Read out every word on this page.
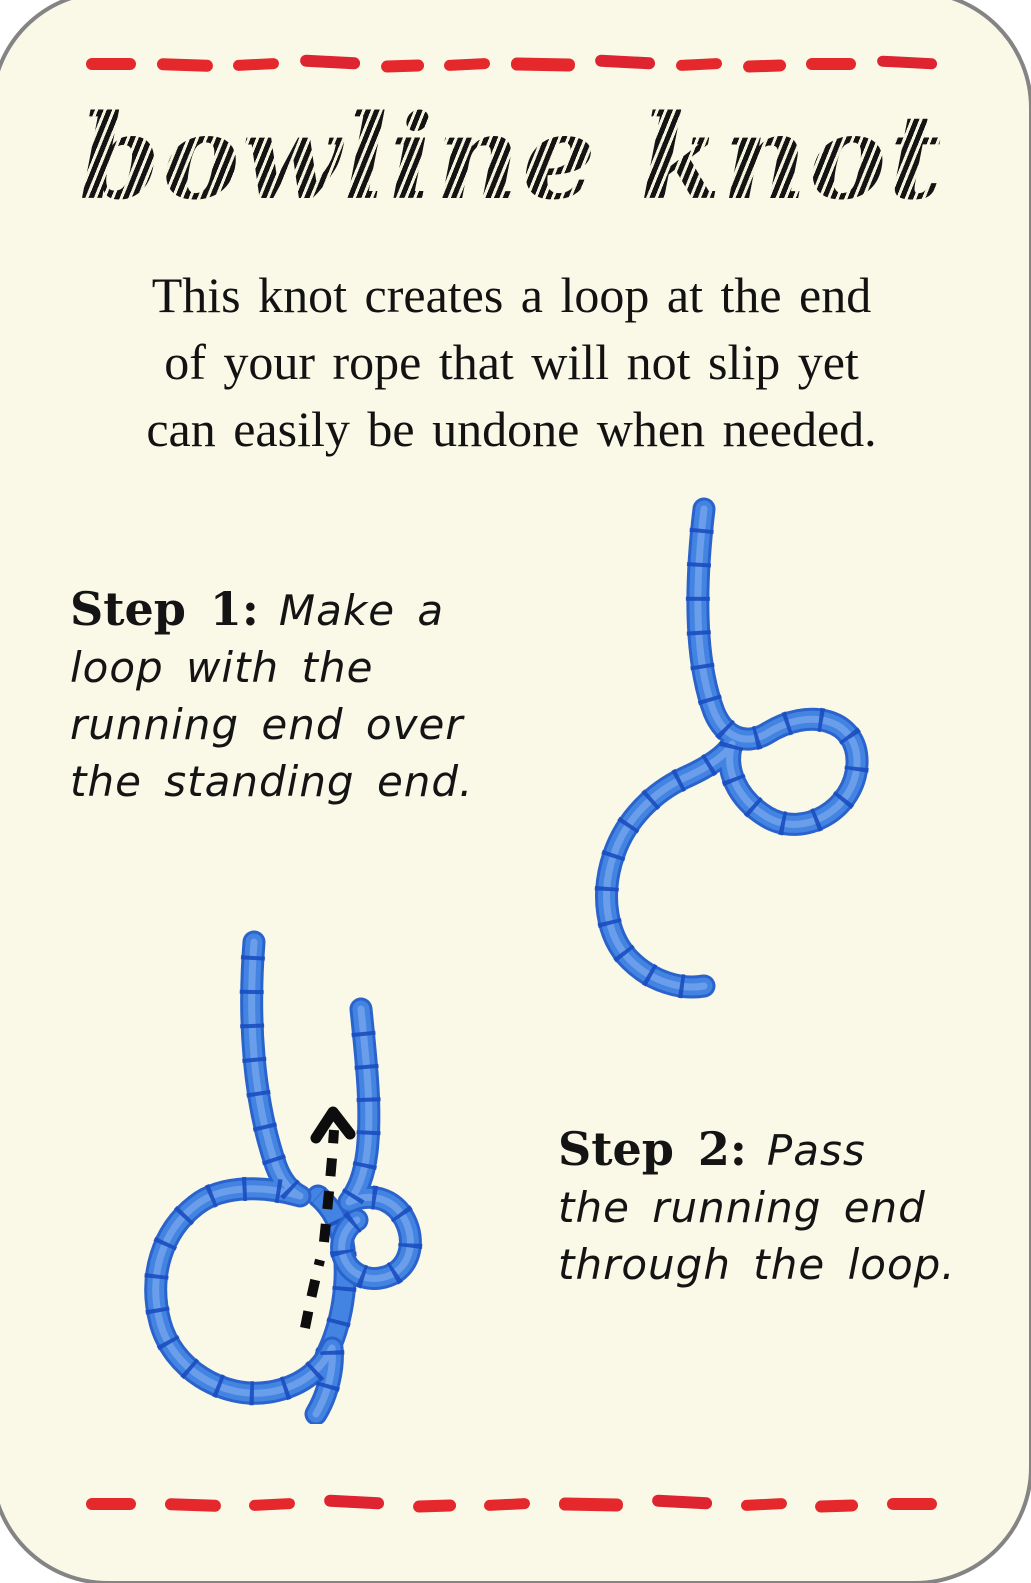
bowline knot
This knot creates a loop at the end
of your rope that will not slip yet
can easily be undone when needed.
Step 1: Make a
loop with the
running end over
the standing end.
Step 2: Pass
the running end
through the loop.
